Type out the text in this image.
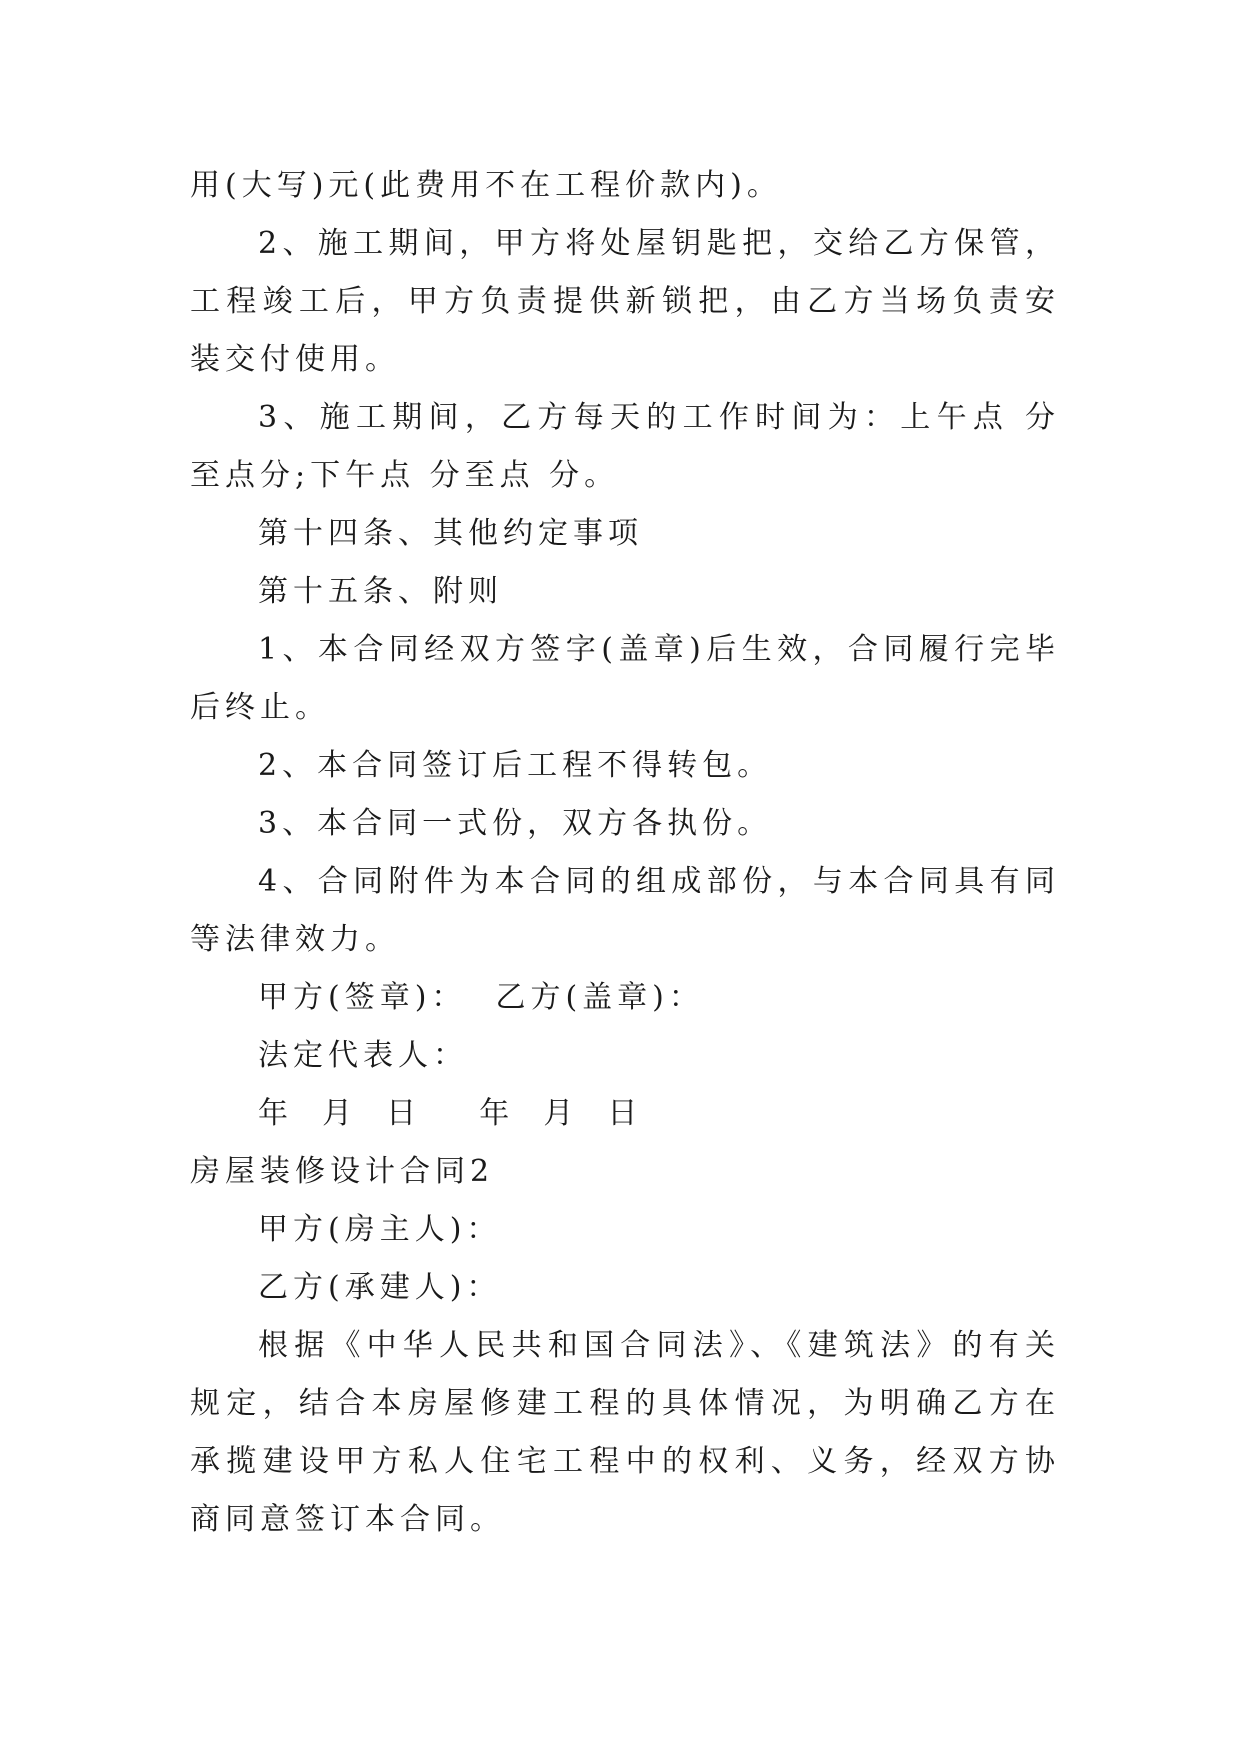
用(大写)元(此费用不在工程价款内)。

2、施工期间，甲方将处屋钥匙把，交给乙方保管，工程竣工后，甲方负责提供新锁把，由乙方当场负责安装交付使用。

3、施工期间，乙方每天的工作时间为：上午点 分至点分;下午点 分至点 分。

第十四条、其他约定事项

第十五条、附则

1、本合同经双方签字(盖章)后生效，合同履行完毕后终止。

2、本合同签订后工程不得转包。

3、本合同一式份，双方各执份。

4、合同附件为本合同的组成部份，与本合同具有同等法律效力。

甲方(签章)：  乙方(盖章)：

法定代表人：

年  月  日    年  月  日

房屋装修设计合同2

甲方(房主人)：

乙方(承建人)：

根据《中华人民共和国合同法》、《建筑法》的有关规定，结合本房屋修建工程的具体情况，为明确乙方在承揽建设甲方私人住宅工程中的权利、义务，经双方协商同意签订本合同。
